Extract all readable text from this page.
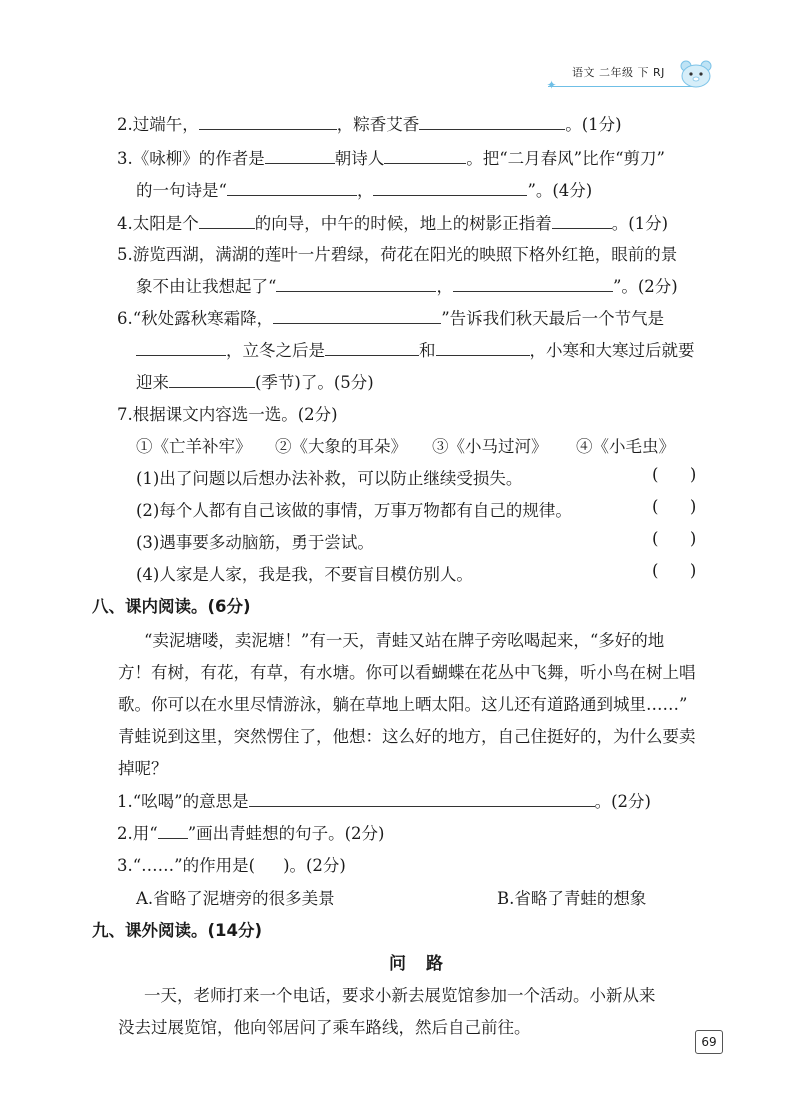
✦
语文 二年级 下 RJ
2.过端午，	，粽香艾香	。(1分)
3.《咏柳》的作者是	朝诗人	。把“二月春风”比作“剪刀”
的一句诗是“	，	”。(4分)
4.太阳是个	的向导，中午的时候，地上的树影正指着	。(1分)
5.游览西湖，满湖的莲叶一片碧绿，荷花在阳光的映照下格外红艳，眼前的景
象不由让我想起了“	，	”。(2分)
6.“秋处露秋寒霜降，	”告诉我们秋天最后一个节气是
，立冬之后是	和	，小寒和大寒过后就要
迎来	(季节)了。(5分)
7.根据课文内容选一选。(2分)
①《亡羊补牢》 ②《大象的耳朵》 ③《小马过河》 ④《小毛虫》
(1)出了问题以后想办法补救，可以防止继续受损失。	(      )
(2)每个人都有自己该做的事情，万事万物都有自己的规律。	(      )
(3)遇事要多动脑筋，勇于尝试。	(      )
(4)人家是人家，我是我，不要盲目模仿别人。	(      )
八、课内阅读。(6分)
“卖泥塘喽，卖泥塘！”有一天，青蛙又站在牌子旁吆喝起来，“多好的地
方！有树，有花，有草，有水塘。你可以看蝴蝶在花丛中飞舞，听小鸟在树上唱
歌。你可以在水里尽情游泳，躺在草地上晒太阳。这儿还有道路通到城里……”
青蛙说到这里，突然愣住了，他想：这么好的地方，自己住挺好的，为什么要卖
掉呢？
1.“吆喝”的意思是	。(2分)
2.用“ ”画出青蛙想的句子。(2分)
3.“……”的作用是( )。(2分)
A.省略了泥塘旁的很多美景	B.省略了青蛙的想象
九、课外阅读。(14分)
问路
一天，老师打来一个电话，要求小新去展览馆参加一个活动。小新从来
没去过展览馆，他向邻居问了乘车路线，然后自己前往。
69
